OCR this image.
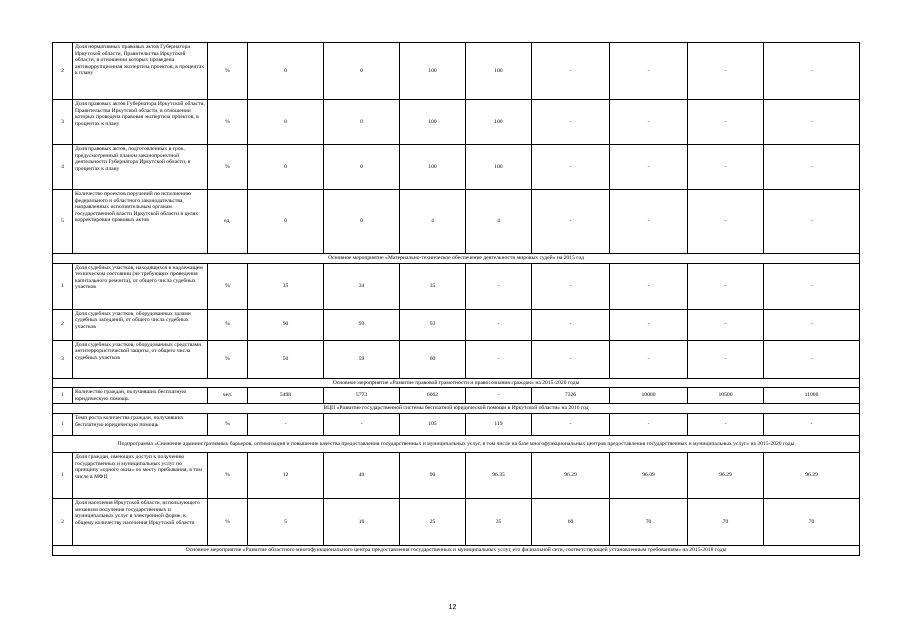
2	Доля нормативных правовых актов Губернатора Иркутской области, Правительства Иркутской области, в отношении которых проведена антикоррупционная экспертиза проектов, в процентах к плану	%	0	0	100	100	-	-	-	-
3	Доля правовых актов Губернатора Иркутской области, Правительства Иркутской области, в отношении которых проведена правовая экспертиза проектов, в процентах к плану	%	0	0	100	100	-	-	-	-
4	Доля правовых актов, подготовленных в срок, предусмотренный планом законопроектной деятельности Губернатора Иркутской области, в процентах к плану	%	0	0	100	100	-	-	-	-
5	Количество проектов поручений по исполнению федерального и областного законодательства, направленных исполнительным органам государственной власти Иркутской области в целях корректировки правовых актов	ед.	0	0	4	4	-	-	-	-
Основное мероприятие «Материально-техническое обеспечение деятельности мировых судей» на 2015 год										
1	Доля судебных участков, находящихся в надлежащем техническом состоянии (не требующих проведения капитального ремонта), от общего числа судебных участков	%	35	34	35	-	-	-	-	-
2	Доля судебных участков, оборудованных залами судебных заседаний, от общего числа судебных участков	%	90	93	93	-	-	-	-	-
3	Доля судебных участков, оборудованных средствами антитеррористической защиты, от общего числа судебных участков	%	50	59	60	-	-	-	-	-
Основное мероприятие «Развитие правовой грамотности и правосознания граждан» на 2015-2020 годы										
1	Количество граждан, получивших бесплатную юридическую помощь	чел.	5498	5773	6062	-	7326	10000	10500	11000
ВЦП «Развитие государственной системы бесплатной юридической помощи в Иркутской области» на 2016 год										
1	Темп роста количества граждан, получивших бесплатную юридическую помощь	%	-	-	105	119	-	-	-	-
Подпрограмма «Снижение административных барьеров, оптимизация и повышение качества предоставления государственных и муниципальных услуг, в том числе на базе многофункциональных центров предоставления государственных и муниципальных услуг» на 2015-2020 годы										
1	Доля граждан, имеющих доступ к получению государственных и муниципальных услуг по принципу «одного окна» по месту пребывания, в том числе в МФЦ	%	12	40	90	96.35	96.29	96.09	96.29	96.29
2	Доля населения Иркутской области, использующего механизм получения государственных и муниципальных услуг в электронной форме, к общему количеству населения Иркутской области	%	5	10	25	35	60	70	70	70
Основное мероприятие «Развитие областного многофункционального центра предоставления государственных и муниципальных услуг, его филиальной сети, соответствующей установленным требованиям» на 2015-2018 годы										
12
